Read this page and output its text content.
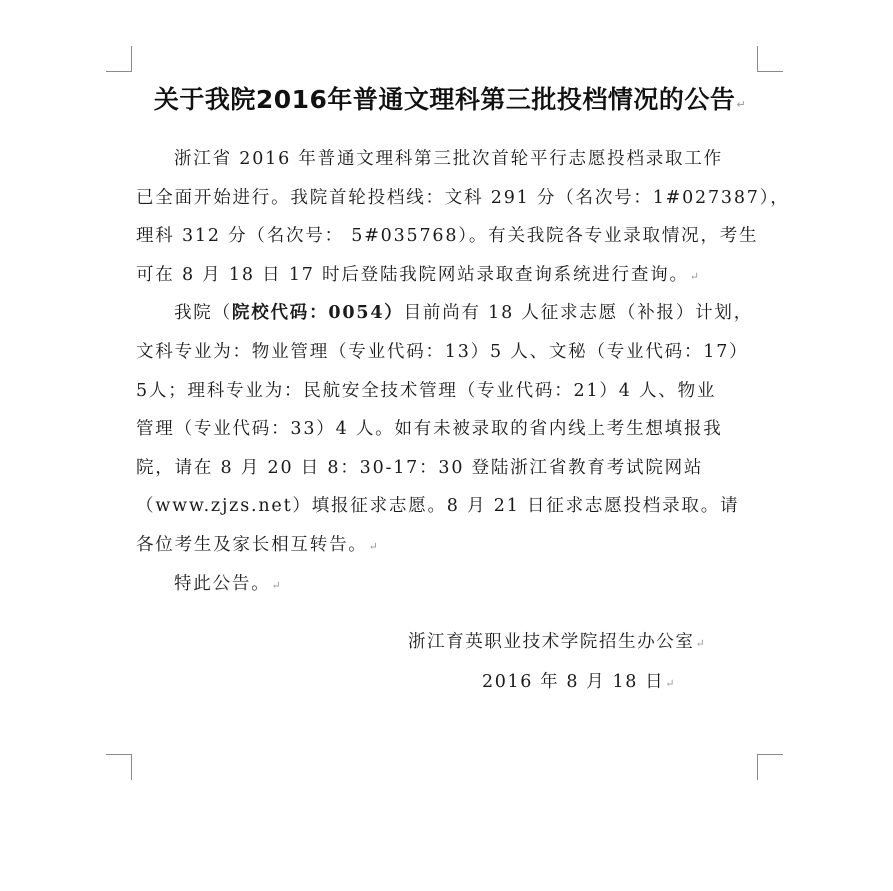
关于我院2016年普通文理科第三批投档情况的公告↵
浙江省 2016 年普通文理科第三批次首轮平行志愿投档录取工作
已全面开始进行。我院首轮投档线：文科 291 分（名次号：1#027387），
理科 312 分（名次号： 5#035768）。有关我院各专业录取情况，考生
可在 8 月 18 日 17 时后登陆我院网站录取查询系统进行查询。↵
我院（院校代码：0054）目前尚有 18 人征求志愿（补报）计划，
文科专业为：物业管理（专业代码：13）5 人、文秘（专业代码：17）
5人；理科专业为：民航安全技术管理（专业代码：21）4 人、物业
管理（专业代码：33）4 人。如有未被录取的省内线上考生想填报我
院，请在 8 月 20 日 8：30-17：30 登陆浙江省教育考试院网站
（www.zjzs.net）填报征求志愿。8 月 21 日征求志愿投档录取。请
各位考生及家长相互转告。↵
特此公告。↵
浙江育英职业技术学院招生办公室↵
2016 年 8 月 18 日↵
